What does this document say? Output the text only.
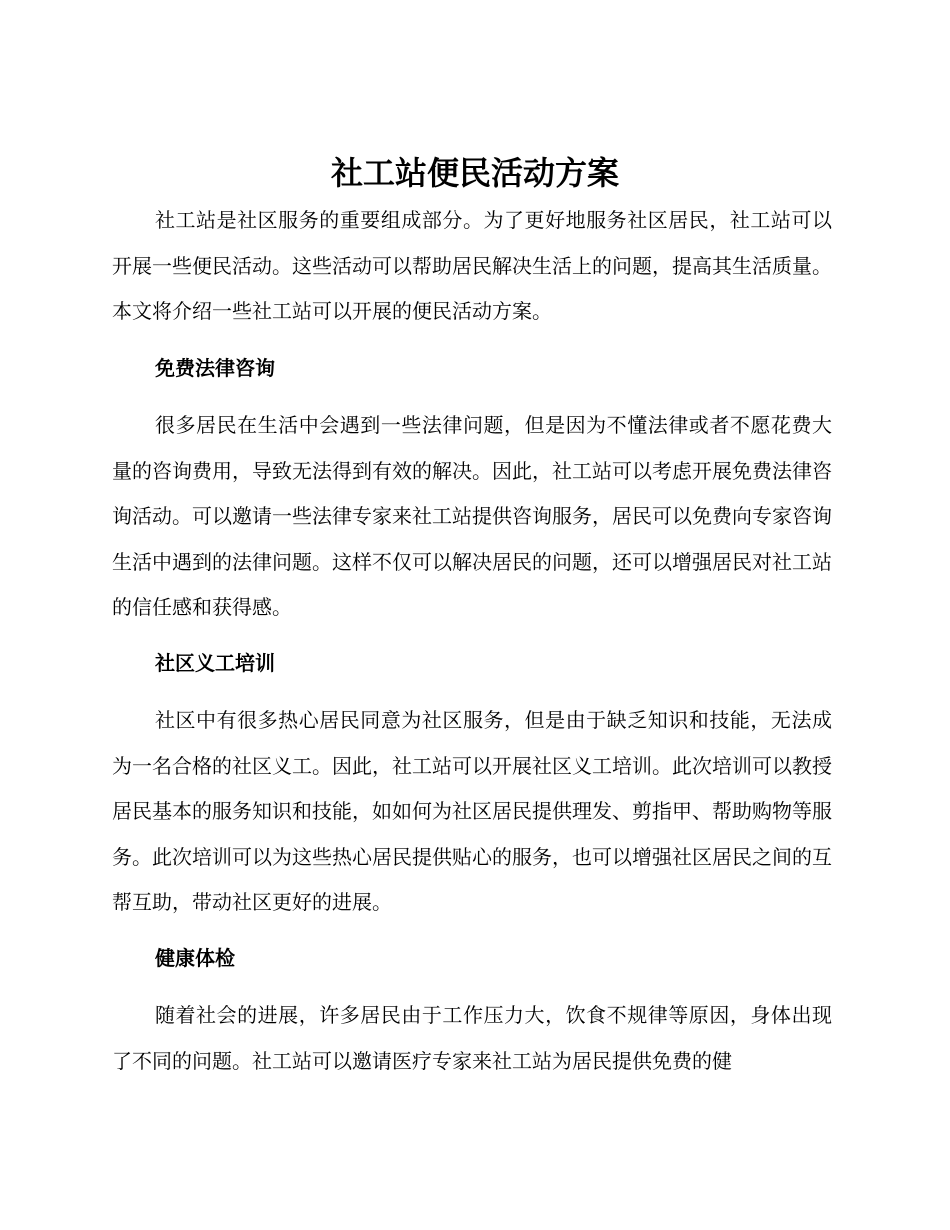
社工站便民活动方案

社工站是社区服务的重要组成部分。为了更好地服务社区居民，社工站可以开展一些便民活动。这些活动可以帮助居民解决生活上的问题，提高其生活质量。本文将介绍一些社工站可以开展的便民活动方案。

免费法律咨询

很多居民在生活中会遇到一些法律问题，但是因为不懂法律或者不愿花费大量的咨询费用，导致无法得到有效的解决。因此，社工站可以考虑开展免费法律咨询活动。可以邀请一些法律专家来社工站提供咨询服务，居民可以免费向专家咨询生活中遇到的法律问题。这样不仅可以解决居民的问题，还可以增强居民对社工站的信任感和获得感。

社区义工培训

社区中有很多热心居民同意为社区服务，但是由于缺乏知识和技能，无法成为一名合格的社区义工。因此，社工站可以开展社区义工培训。此次培训可以教授居民基本的服务知识和技能，如如何为社区居民提供理发、剪指甲、帮助购物等服务。此次培训可以为这些热心居民提供贴心的服务，也可以增强社区居民之间的互帮互助，带动社区更好的进展。

健康体检

随着社会的进展，许多居民由于工作压力大，饮食不规律等原因，身体出现了不同的问题。社工站可以邀请医疗专家来社工站为居民提供免费的健
